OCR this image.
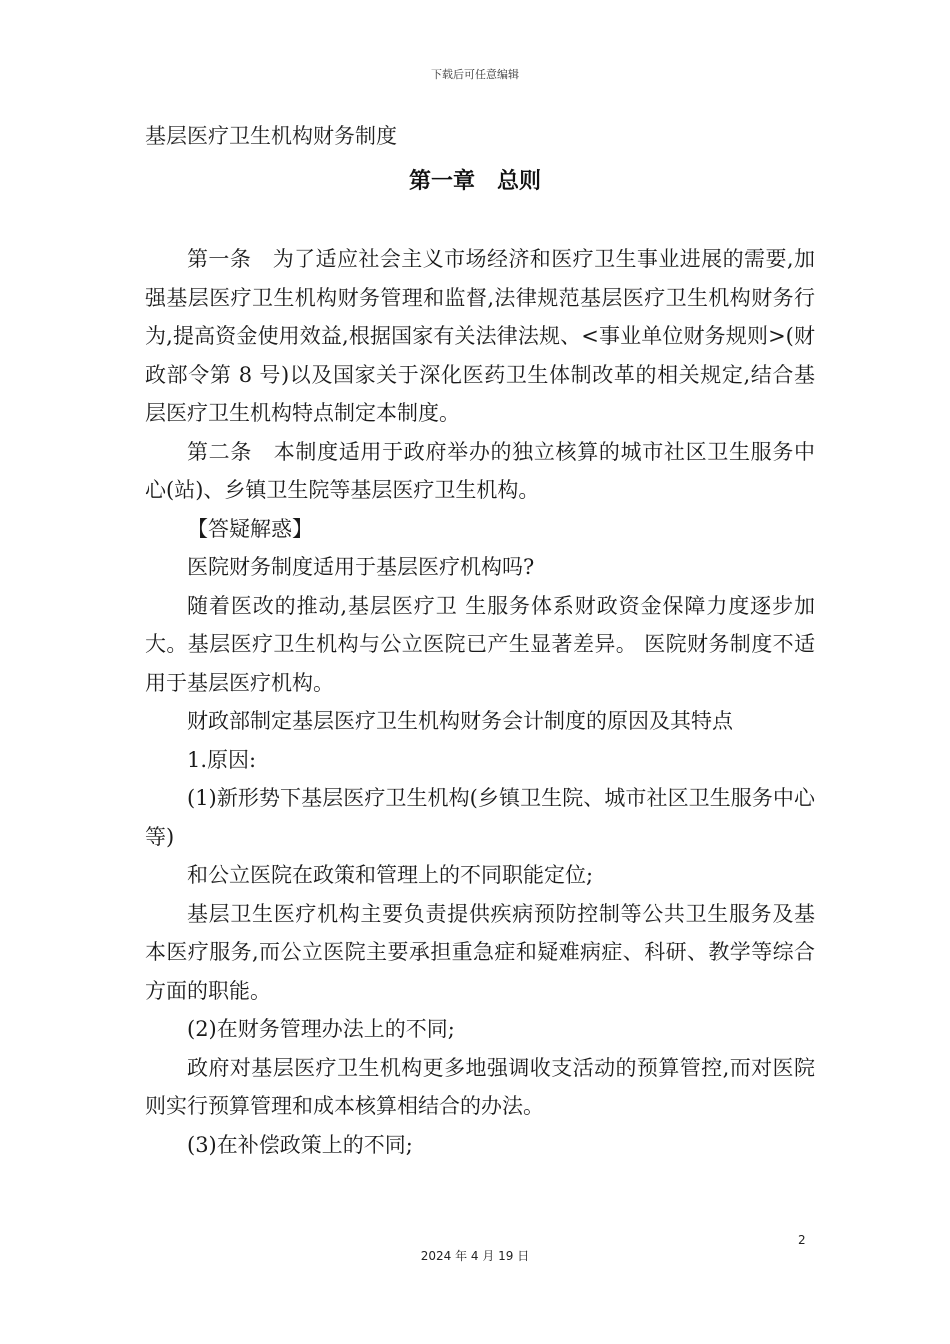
下载后可任意编辑
基层医疗卫生机构财务制度
第一章　总则

第一条　为了适应社会主义市场经济和医疗卫生事业进展的需要,加强基层医疗卫生机构财务管理和监督,法律规范基层医疗卫生机构财务行为,提高资金使用效益,根据国家有关法律法规、<事业单位财务规则>(财政部令第 8 号)以及国家关于深化医药卫生体制改革的相关规定,结合基层医疗卫生机构特点制定本制度。

第二条　本制度适用于政府举办的独立核算的城市社区卫生服务中心(站)、乡镇卫生院等基层医疗卫生机构。

【答疑解惑】

医院财务制度适用于基层医疗机构吗?

随着医改的推动,基层医疗卫 生服务体系财政资金保障力度逐步加大。基层医疗卫生机构与公立医院已产生显著差异。 医院财务制度不适用于基层医疗机构。

财政部制定基层医疗卫生机构财务会计制度的原因及其特点

1.原因:

(1)新形势下基层医疗卫生机构(乡镇卫生院、城市社区卫生服务中心等)

和公立医院在政策和管理上的不同职能定位;

基层卫生医疗机构主要负责提供疾病预防控制等公共卫生服务及基本医疗服务,而公立医院主要承担重急症和疑难病症、科研、教学等综合方面的职能。

(2)在财务管理办法上的不同;

政府对基层医疗卫生机构更多地强调收支活动的预算管控,而对医院则实行预算管理和成本核算相结合的办法。

(3)在补偿政策上的不同;

2
2024 年 4 月 19 日
